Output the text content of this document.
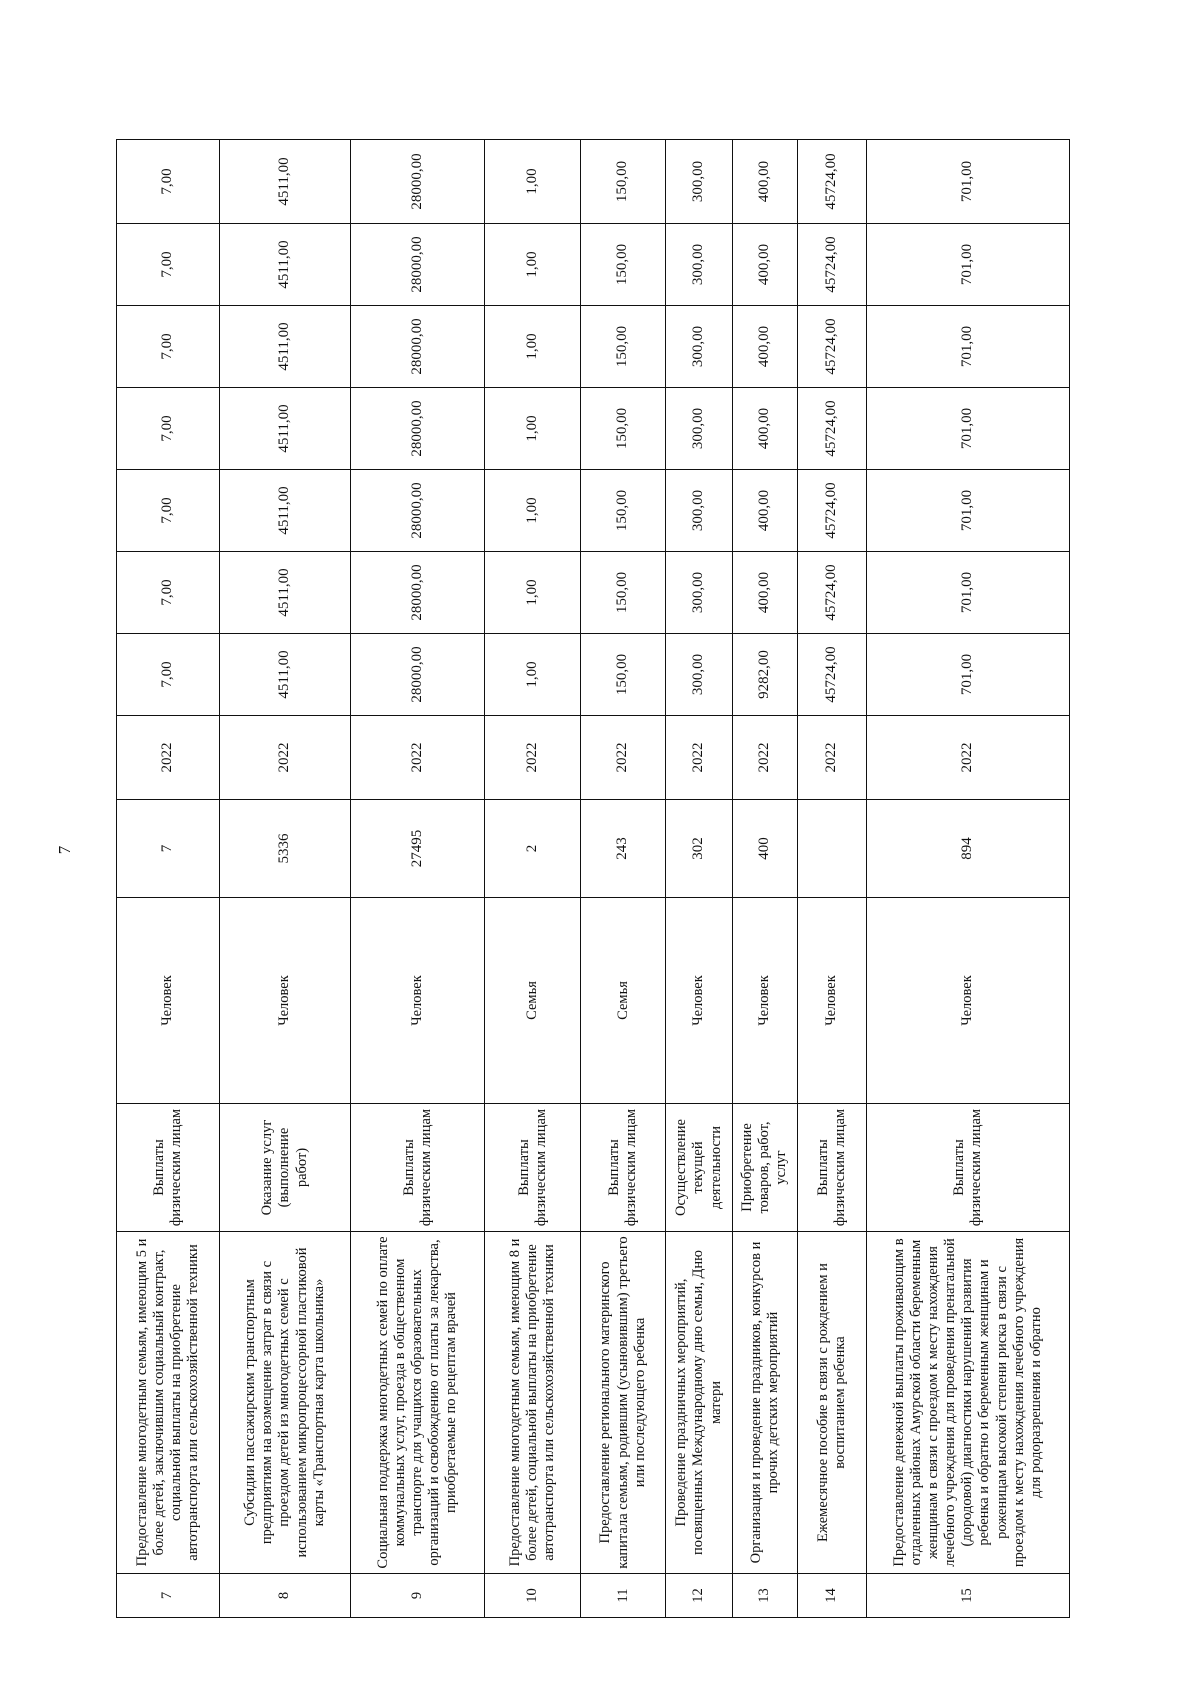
7
7	Предоставление многодетным семьям, имеющим 5 и более детей, заключившим социальный контракт, социальной выплаты на приобретение автотранспорта или сельскохозяйственной техники	Выплаты физическим лицам	Человек	7	2022	7,00	7,00	7,00	7,00	7,00	7,00	7,00
8	Субсидии пассажирским транспортным предприятиям на возмещение затрат в связи с проездом детей из многодетных семей с использованием микропроцессорной пластиковой карты «Транспортная карта школьника»	Оказание услуг (выполнение работ)	Человек	5336	2022	4511,00	4511,00	4511,00	4511,00	4511,00	4511,00	4511,00
9	Социальная поддержка многодетных семей по оплате коммунальных услуг, проезда в общественном транспорте для учащихся образовательных организаций и освобождению от платы за лекарства, приобретаемые по рецептам врачей	Выплаты физическим лицам	Человек	27495	2022	28000,00	28000,00	28000,00	28000,00	28000,00	28000,00	28000,00
10	Предоставление многодетным семьям, имеющим 8 и более детей, социальной выплаты на приобретение автотранспорта или сельскохозяйственной техники	Выплаты физическим лицам	Семья	2	2022	1,00	1,00	1,00	1,00	1,00	1,00	1,00
11	Предоставление регионального материнского капитала семьям, родившим (усыновившим) третьего или последующего ребенка	Выплаты физическим лицам	Семья	243	2022	150,00	150,00	150,00	150,00	150,00	150,00	150,00
12	Проведение праздничных мероприятий, посвященных Международному дню семьи, Дню матери	Осуществление текущей деятельности	Человек	302	2022	300,00	300,00	300,00	300,00	300,00	300,00	300,00
13	Организация и проведение праздников, конкурсов и прочих детских мероприятий	Приобретение товаров, работ, услуг	Человек	400	2022	9282,00	400,00	400,00	400,00	400,00	400,00	400,00
14	Ежемесячное пособие в связи с рождением и воспитанием ребенка	Выплаты физическим лицам	Человек		2022	45724,00	45724,00	45724,00	45724,00	45724,00	45724,00	45724,00
15	Предоставление денежной выплаты проживающим в отдаленных районах Амурской области беременным женщинам в связи с проездом к месту нахождения лечебного учреждения для проведения пренатальной (дородовой) диагностики нарушений развития ребенка и обратно и беременным женщинам и роженицам высокой степени риска в связи с проездом к месту нахождения лечебного учреждения для родоразрешения и обратно	Выплаты физическим лицам	Человек	894	2022	701,00	701,00	701,00	701,00	701,00	701,00	701,00
